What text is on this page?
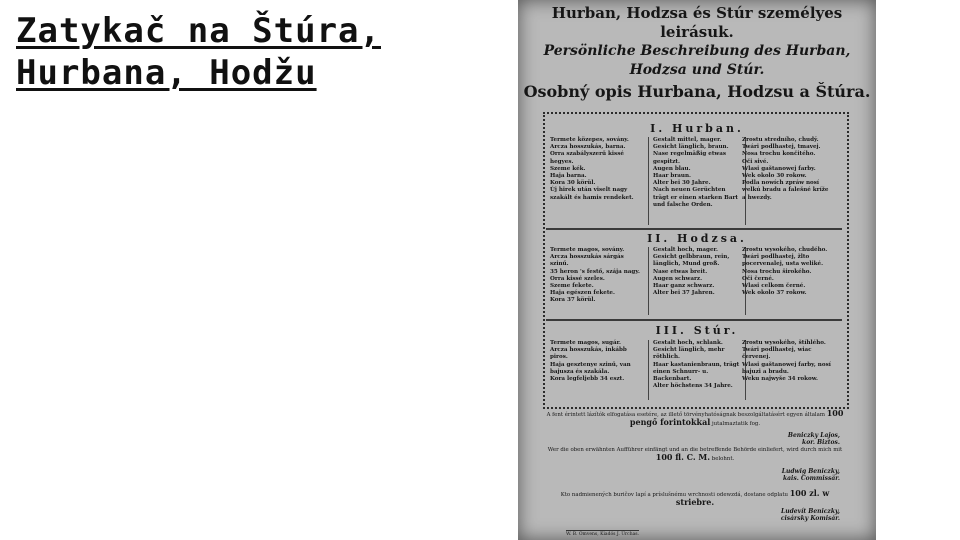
Zatykač na Štúra,
Hurbana, Hodžu
Hurban, Hodzsa és Stúr személyes leirásuk.
Persönliche Beschreibung des Hurban, Hodzsa und Stúr.
Osobný opis Hurbana, Hodzsu a Štúra.
I. Hurban.
Termete közepes, sovány.
Arcza hosszukás, barna.
Orra szabályszerű kissé hegyes.
Szeme kék.
Haja barna.
Kora 30 körül.
Új hirek után viselt nagy szakált és hamis rendeket.
Gestalt mittel, mager.
Gesicht länglich, braun.
Nase regelmäßig etwas gespitzt.
Augen blau.
Haar braun.
Alter bei 30 Jahre.
Nach neuen Gerüchten trägt er einen starken Bart und falsche Orden.
Zrostu stredního, chudý.
Twári podlhastej, tmavej.
Nosa trochu končitého.
Oči sivé.
Wlasi gaštanowej farby.
Wek okolo 30 rokow.
Podla nowích zpráw nosí welkú bradu a falešné kríže a hwezdy.
II. Hodzsa.
Termete magos, sovány.
Arcza hosszukás sárgás szinű.
35 heron 's festő, szája nagy.
Orra kissé szeles.
Szeme fekete.
Haja egészen fekete.
Kora 37 körül.
Gestalt hoch, mager.
Gesicht gelbbraun, rein, länglich, Mund groß.
Nase etwas breit.
Augen schwarz.
Haar ganz schwarz.
Alter bei 37 Jahren.
Zrostu wysokého, chudého.
Twári podlhastej, žlto pocervenalej, usta weliké.
Nosa trochu širokého.
Oči černé.
Wlasi celkom černé.
Wek okolo 37 rokow.
III. Stúr.
Termete magos, sugár.
Arcza hosszukás, inkább piros.
Haja gesztenye szinű, van bajusza és szakála.
Kora legfeljebb 34 eszt.
Gestalt hoch, schlank.
Gesicht länglich, mehr röthlich.
Haar kastanienbraun, trägt einen Schnurr- u. Backenbart.
Alter höchstens 34 Jahre.
Zrostu wysokého, štíhlého.
Twári podlhastej, wiac červenej.
Wlasi gaštanowej farby, nosí bajuzi a bradu.
Weku najwyše 34 rokow.
A fent érintett lázítók elfogatása esetére, az illető törvényhatóságnak beszolgáltatásért egyen általam 100 pengő forintokkal jutalmaztatik fog.
Beniczky Lajos,
kor. Biztos.
Wer die oben erwähnten Aufführer einfängt und an die betreffende Behörde einliefert, wird durch mich mit 100 fl. C. M. belohnt.
Ludwig Beniczky,
kais. Commissär.
Kto nadmienených buričov lapí a príslušnému wrchnosti odewzdá, dostane odplatu 100 zl. w striebre.
Ludevít Beniczky,
cisársky Komisár.
W. B. Omvens, Kiadós J. Úrchas.
